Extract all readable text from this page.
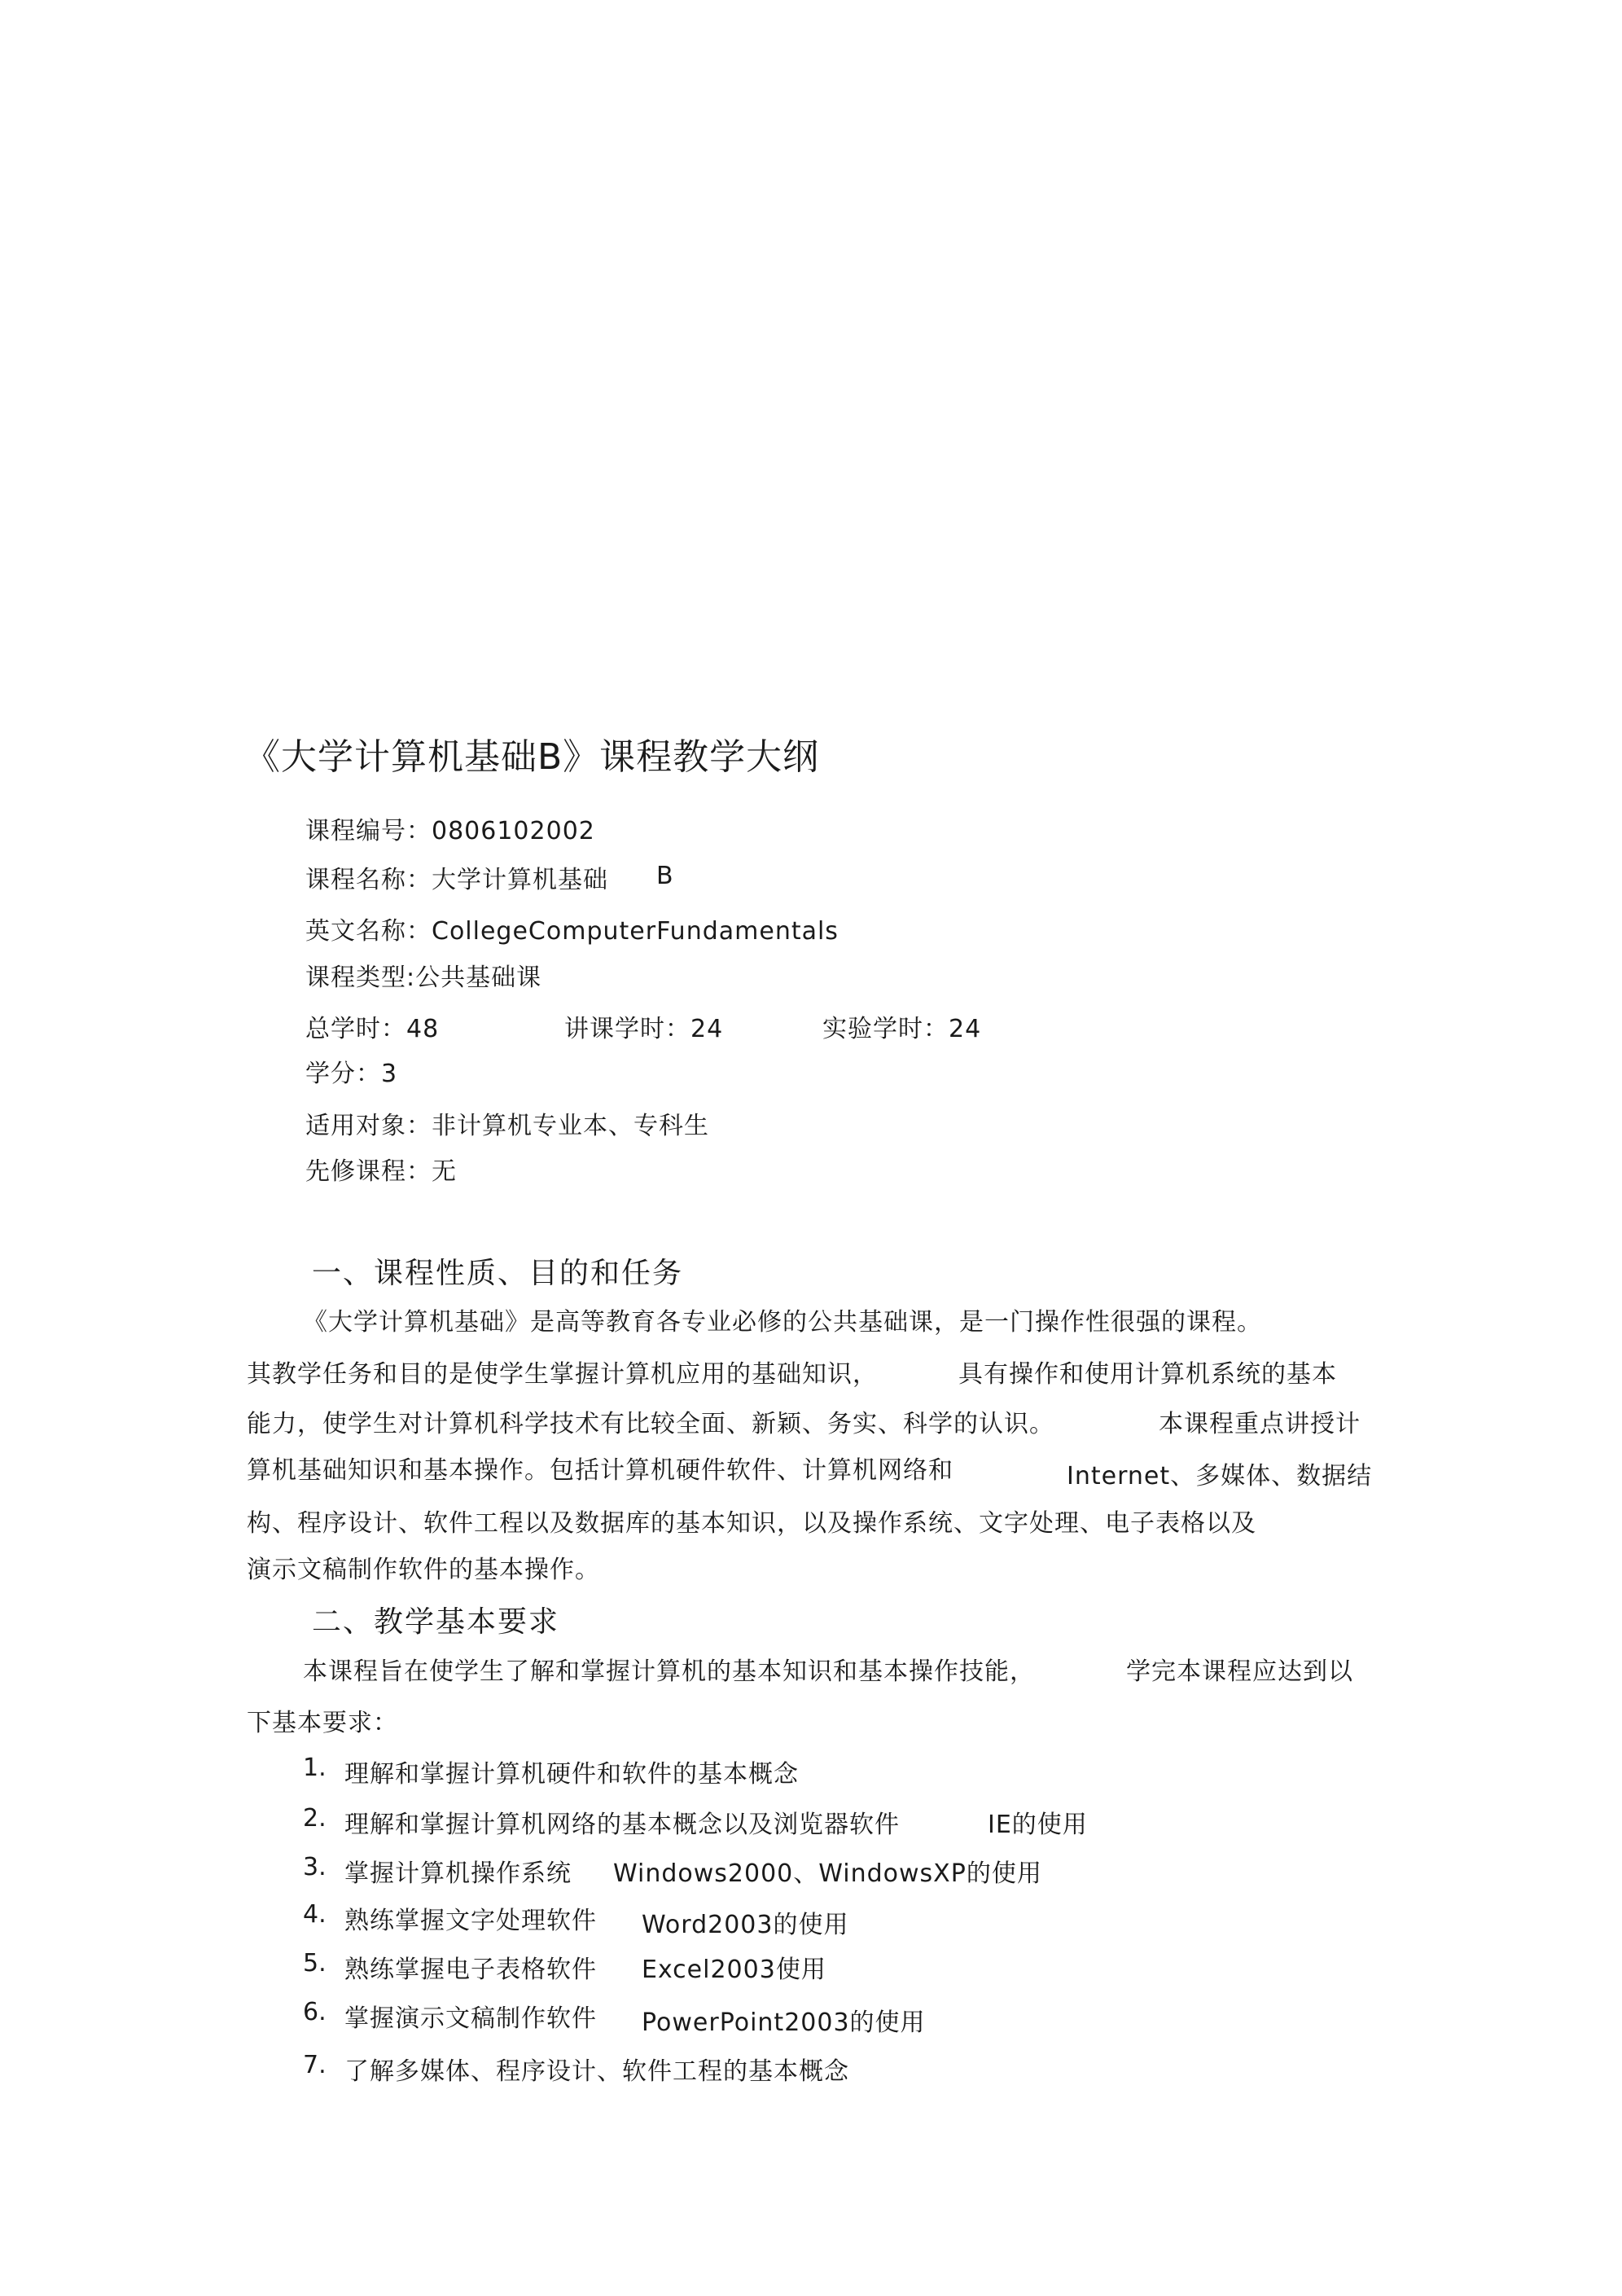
《大学计算机基础B》课程教学大纲
课程编号：0806102002
课程名称：大学计算机基础 B
英文名称：CollegeComputerFundamentals
课程类型:公共基础课
总学时：48	讲课学时：24	实验学时：24
学分：3
适用对象：非计算机专业本、专科生
先修课程：无
一、课程性质、目的和任务
《大学计算机基础》是高等教育各专业必修的公共基础课，是一门操作性很强的课程。
其教学任务和目的是使学生掌握计算机应用的基础知识，	具有操作和使用计算机系统的基本
能力，使学生对计算机科学技术有比较全面、新颖、务实、科学的认识。	本课程重点讲授计
算机基础知识和基本操作。包括计算机硬件软件、计算机网络和	Internet、多媒体、数据结
构、程序设计、软件工程以及数据库的基本知识，以及操作系统、文字处理、电子表格以及
演示文稿制作软件的基本操作。
二、教学基本要求
本课程旨在使学生了解和掌握计算机的基本知识和基本操作技能，	学完本课程应达到以
下基本要求：
1. 理解和掌握计算机硬件和软件的基本概念
2. 理解和掌握计算机网络的基本概念以及浏览器软件	IE的使用
3. 掌握计算机操作系统 Windows2000、WindowsXP的使用
4. 熟练掌握文字处理软件 Word2003的使用
5. 熟练掌握电子表格软件 Excel2003使用
6. 掌握演示文稿制作软件 PowerPoint2003的使用
7. 了解多媒体、程序设计、软件工程的基本概念
